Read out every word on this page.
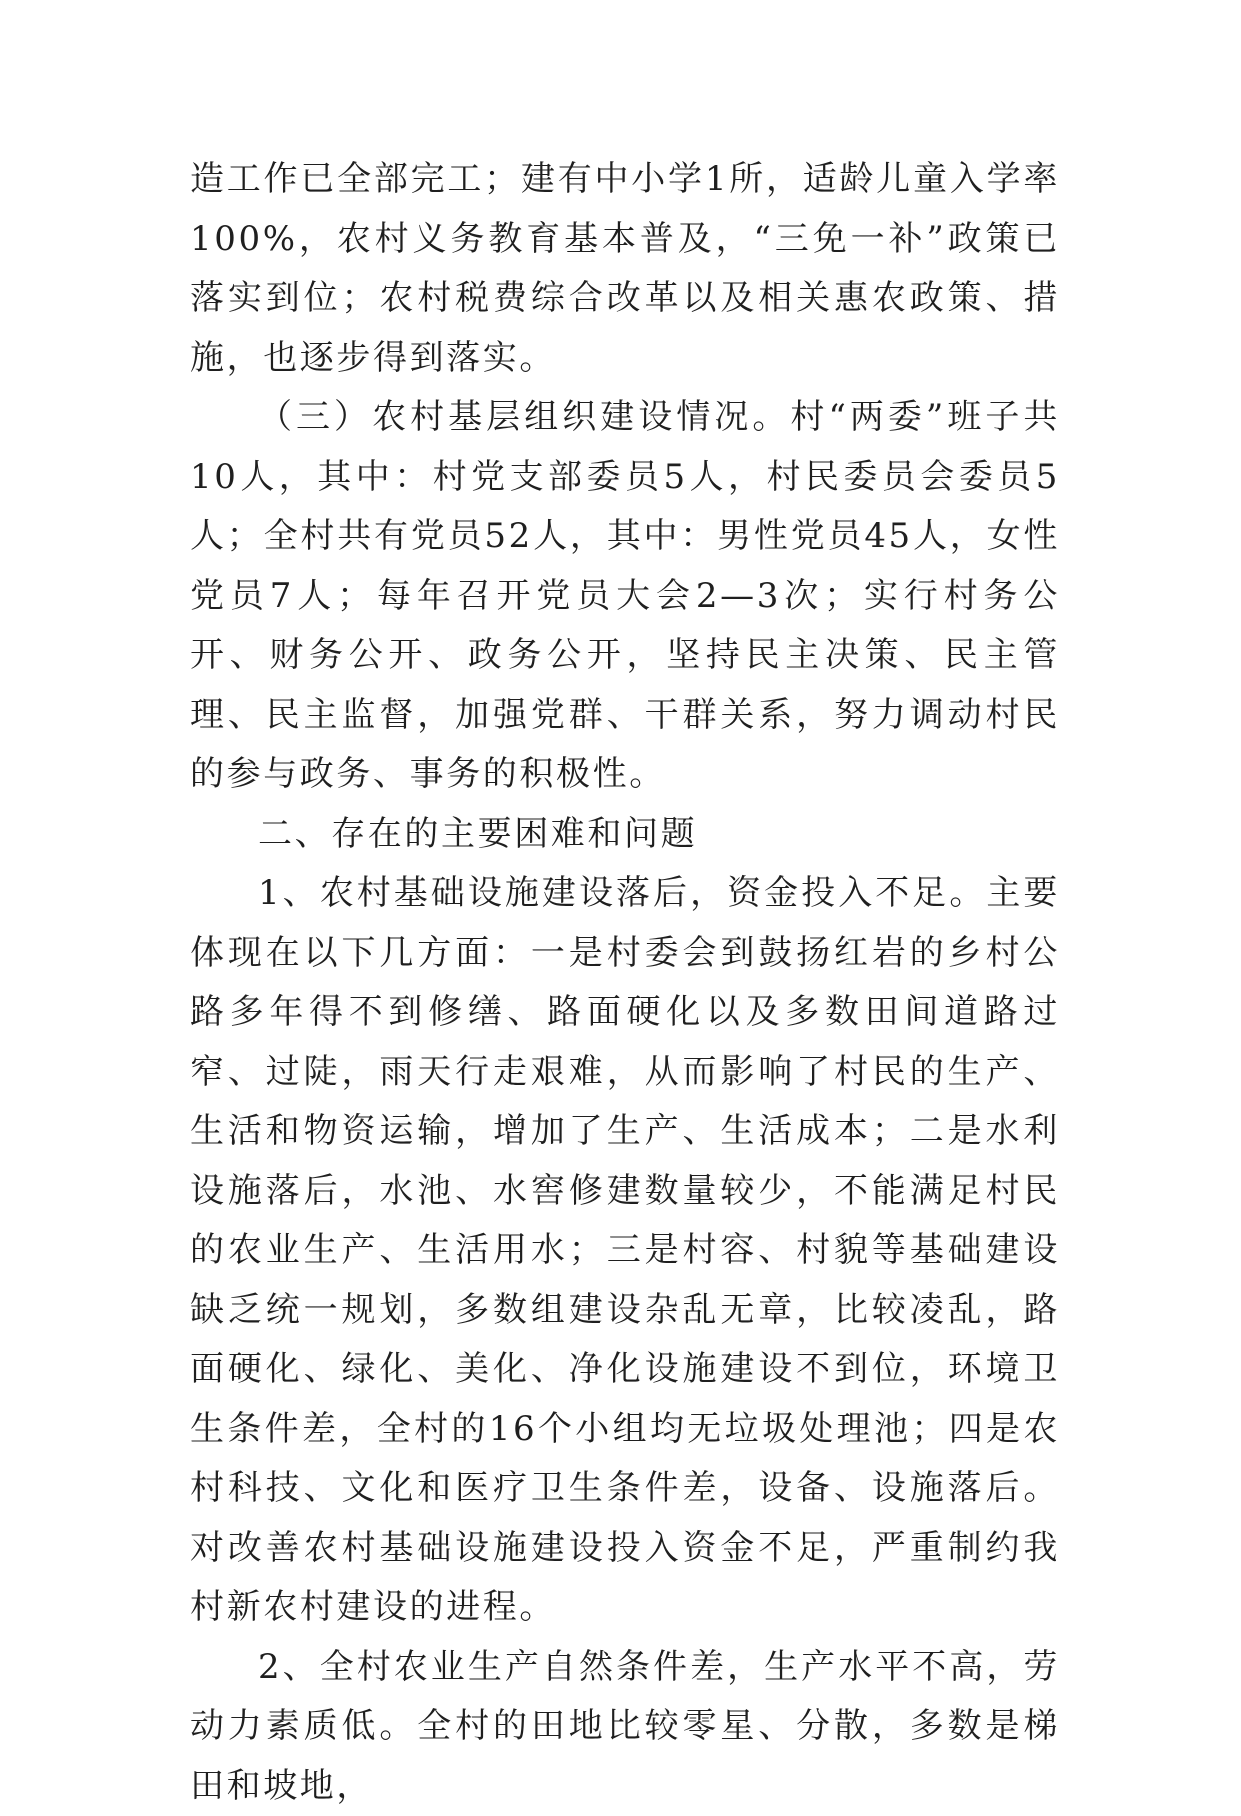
造工作已全部完工；建有中小学1所，适龄儿童入学率100%，农村义务教育基本普及，“三免一补”政策已落实到位；农村税费综合改革以及相关惠农政策、措施，也逐步得到落实。

（三）农村基层组织建设情况。村“两委”班子共10人，其中：村党支部委员5人，村民委员会委员5人；全村共有党员52人，其中：男性党员45人，女性党员7人；每年召开党员大会2—3次；实行村务公开、财务公开、政务公开，坚持民主决策、民主管理、民主监督，加强党群、干群关系，努力调动村民的参与政务、事务的积极性。

二、存在的主要困难和问题

1、农村基础设施建设落后，资金投入不足。主要体现在以下几方面：一是村委会到鼓扬红岩的乡村公路多年得不到修缮、路面硬化以及多数田间道路过窄、过陡，雨天行走艰难，从而影响了村民的生产、生活和物资运输，增加了生产、生活成本；二是水利设施落后，水池、水窖修建数量较少，不能满足村民的农业生产、生活用水；三是村容、村貌等基础建设缺乏统一规划，多数组建设杂乱无章，比较凌乱，路面硬化、绿化、美化、净化设施建设不到位，环境卫生条件差，全村的16个小组均无垃圾处理池；四是农村科技、文化和医疗卫生条件差，设备、设施落后。对改善农村基础设施建设投入资金不足，严重制约我村新农村建设的进程。

2、全村农业生产自然条件差，生产水平不高，劳动力素质低。全村的田地比较零星、分散，多数是梯田和坡地，
